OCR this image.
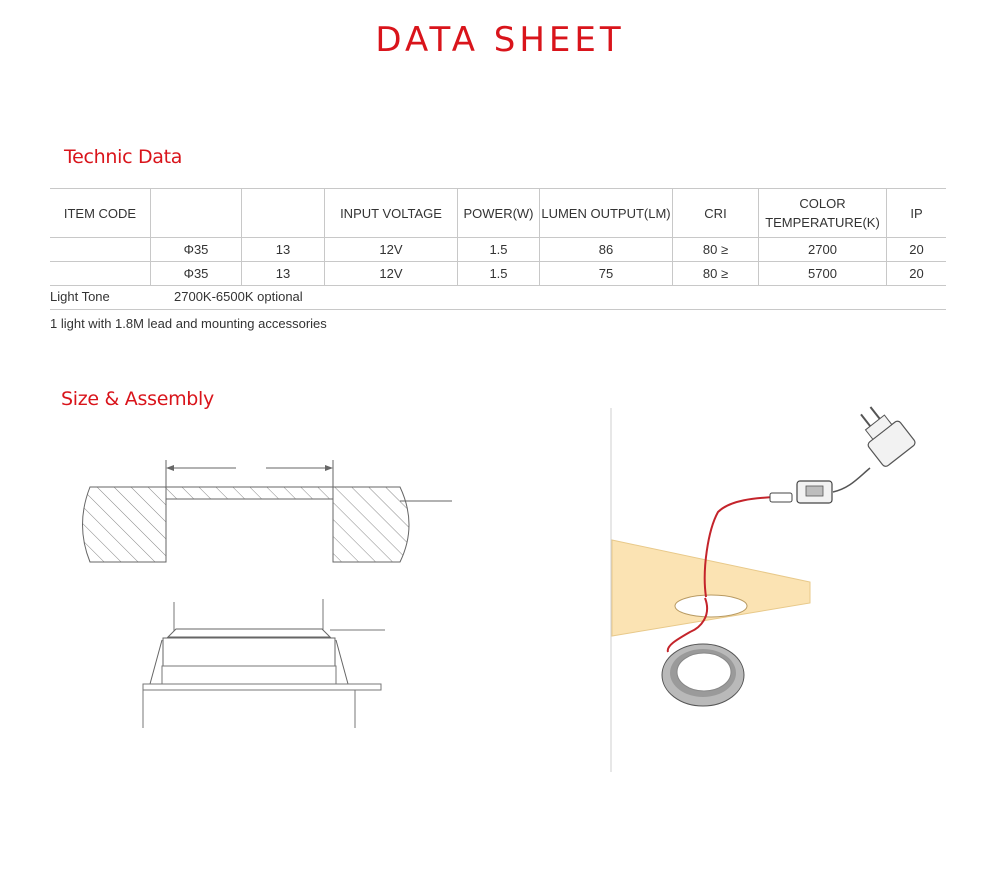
DATA SHEET
Technic Data
ITEM CODE			INPUT VOLTAGE	POWER(W)	LUMEN OUTPUT(LM)	CRI	COLOR TEMPERATURE(K)	IP
	Φ35	13	12V	1.5	86	80 ≥	2700	20
	Φ35	13	12V	1.5	75	80 ≥	5700	20
Light Tone	2700K-6500K optional
1 light with 1.8M lead and mounting accessories
Size & Assembly
